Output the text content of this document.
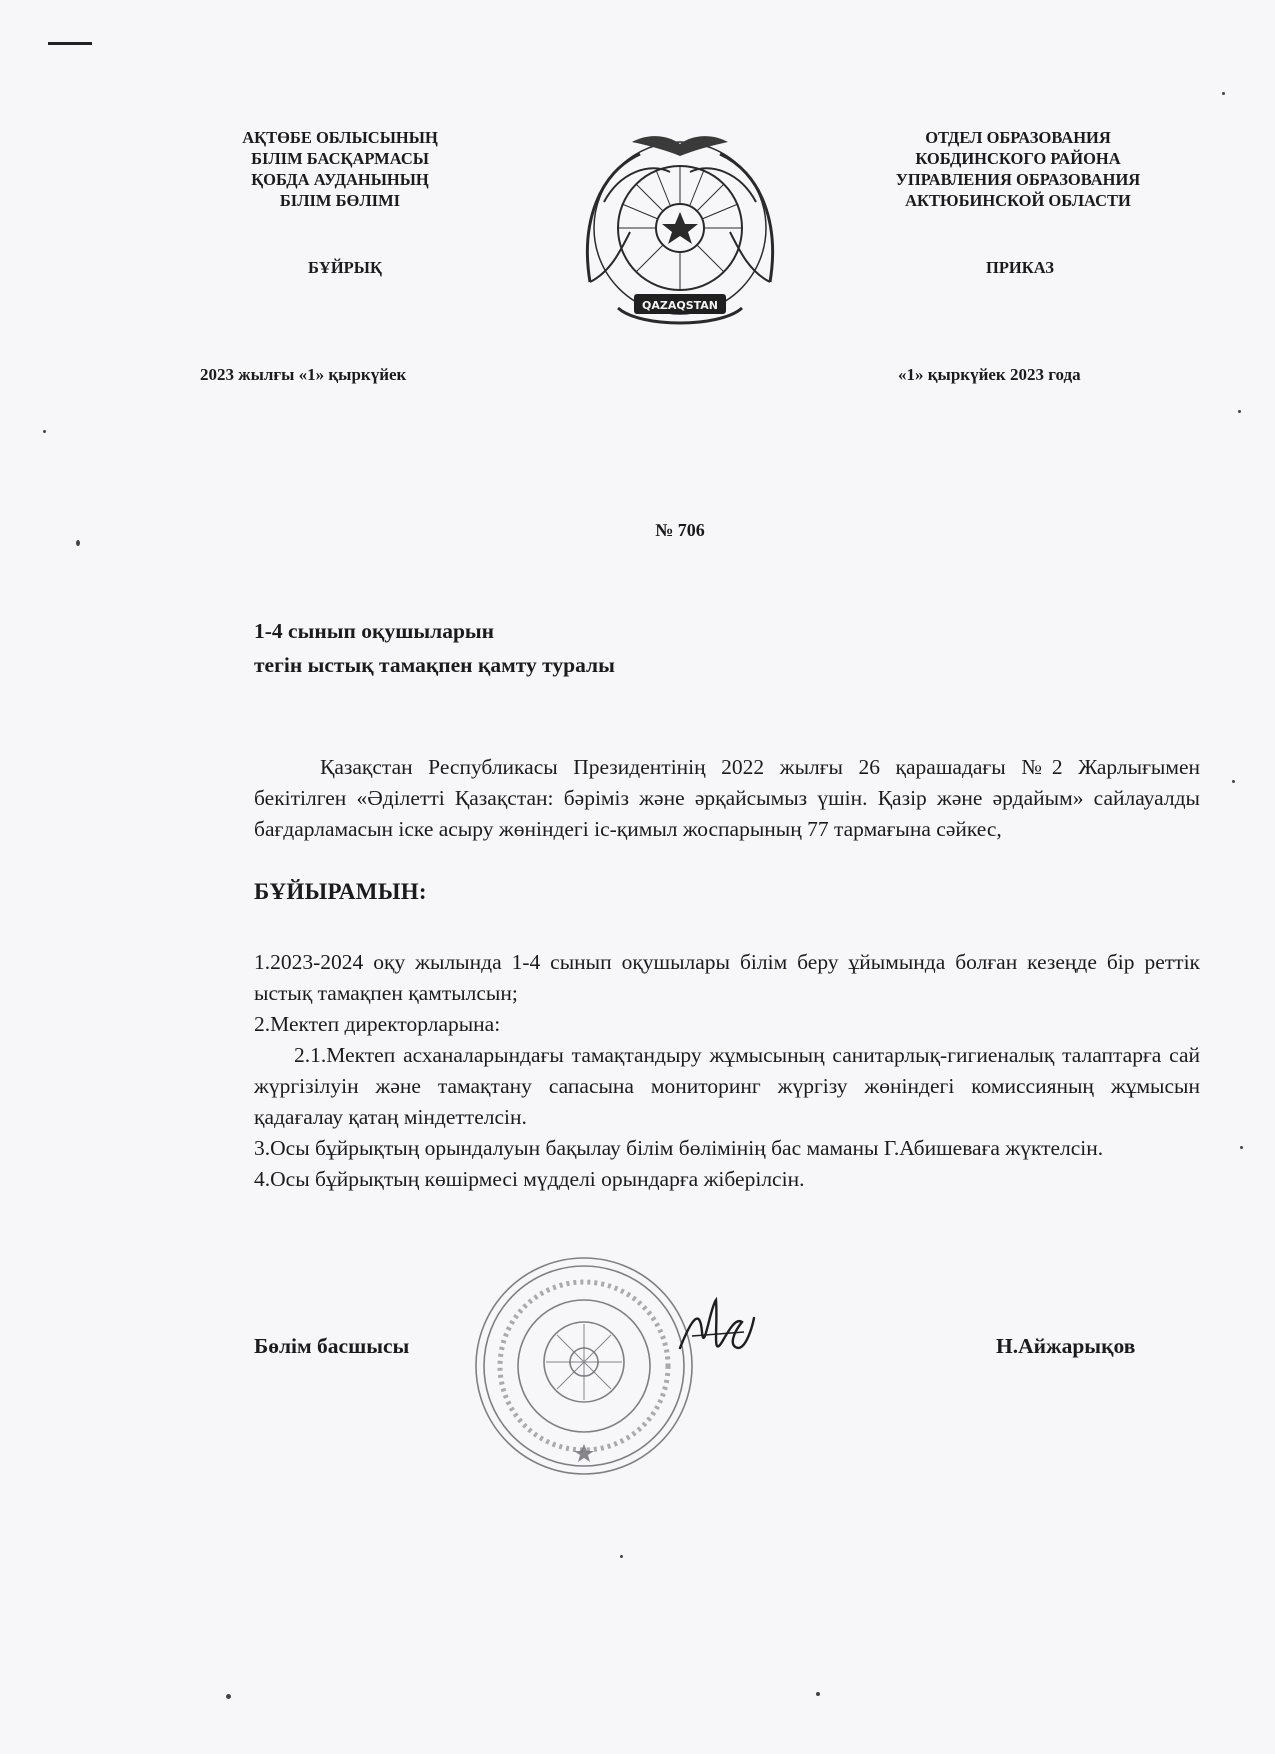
АҚТӨБЕ ОБЛЫСЫНЫҢ
БІЛІМ БАСҚАРМАСЫ
ҚОБДА АУДАНЫНЫҢ
БІЛІМ БӨЛІМІ
БҰЙРЫҚ
2023 жылғы «1» қыркүйек
ОТДЕЛ ОБРАЗОВАНИЯ
КОБДИНСКОГО РАЙОНА
УПРАВЛЕНИЯ ОБРАЗОВАНИЯ
АКТЮБИНСКОЙ ОБЛАСТИ
ПРИКАЗ
«1» қыркүйек 2023 года
QAZAQSTAN
№ 706
1-4 сынып оқушыларын
тегін ыстық тамақпен қамту туралы

Қазақстан Республикасы Президентінің 2022 жылғы 26 қарашадағы №2 Жарлығымен бекітілген «Әділетті Қазақстан: бәріміз және әрқайсымыз үшін. Қазір және әрдайым» сайлауалды бағдарламасын іске асыру жөніндегі іс-қимыл жоспарының 77 тармағына сәйкес,

БҰЙЫРАМЫН:

1.2023-2024 оқу жылында 1-4 сынып оқушылары білім беру ұйымында болған кезеңде бір реттік ыстық тамақпен қамтылсын;

2.Мектеп директорларына:

2.1.Мектеп асханаларындағы тамақтандыру жұмысының санитарлық-гигиеналық талаптарға сай жүргізілуін және тамақтану сапасына мониторинг жүргізу жөніндегі комиссияның жұмысын қадағалау қатаң міндеттелсін.

3.Осы бұйрықтың орындалуын бақылау білім бөлімінің бас маманы Г.Абишеваға жүктелсін.

4.Осы бұйрықтың көшірмесі мүдделі орындарға жіберілсін.

Бөлім басшысы	Н.Айжарықов
